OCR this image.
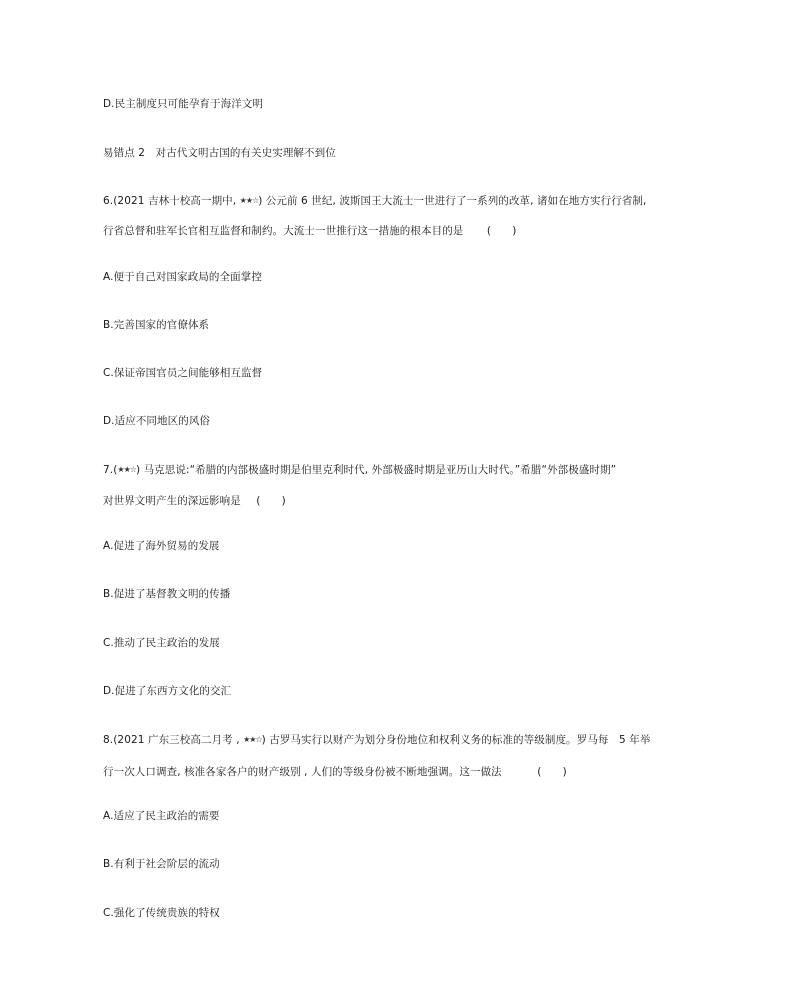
D.民主制度只可能孕育于海洋文明
易错点 2　对古代文明古国的有关史实理解不到位
6.(2021 吉林十校高一期中, ★★☆) 公元前 6 世纪, 波斯国王大流士一世进行了一系列的改革, 诸如在地方实行行省制,
行省总督和驻军长官相互监督和制约。大流士一世推行这一措施的根本目的是 (　　)
A.便于自己对国家政局的全面掌控
B.完善国家的官僚体系
C.保证帝国官员之间能够相互监督
D.适应不同地区的风俗
7.(★★☆) 马克思说:“希腊的内部极盛时期是伯里克利时代, 外部极盛时期是亚历山大时代。”希腊“外部极盛时期”
对世界文明产生的深远影响是 (　　)
A.促进了海外贸易的发展
B.促进了基督教文明的传播
C.推动了民主政治的发展
D.促进了东西方文化的交汇
8.(2021 广东三校高二月考 , ★★☆) 古罗马实行以财产为划分身份地位和权利义务的标准的等级制度。罗马每　5 年举
行一次人口调查, 核准各家各户的财产级别 , 人们的等级身份被不断地强调。这一做法	(　　)
A.适应了民主政治的需要
B.有利于社会阶层的流动
C.强化了传统贵族的特权
